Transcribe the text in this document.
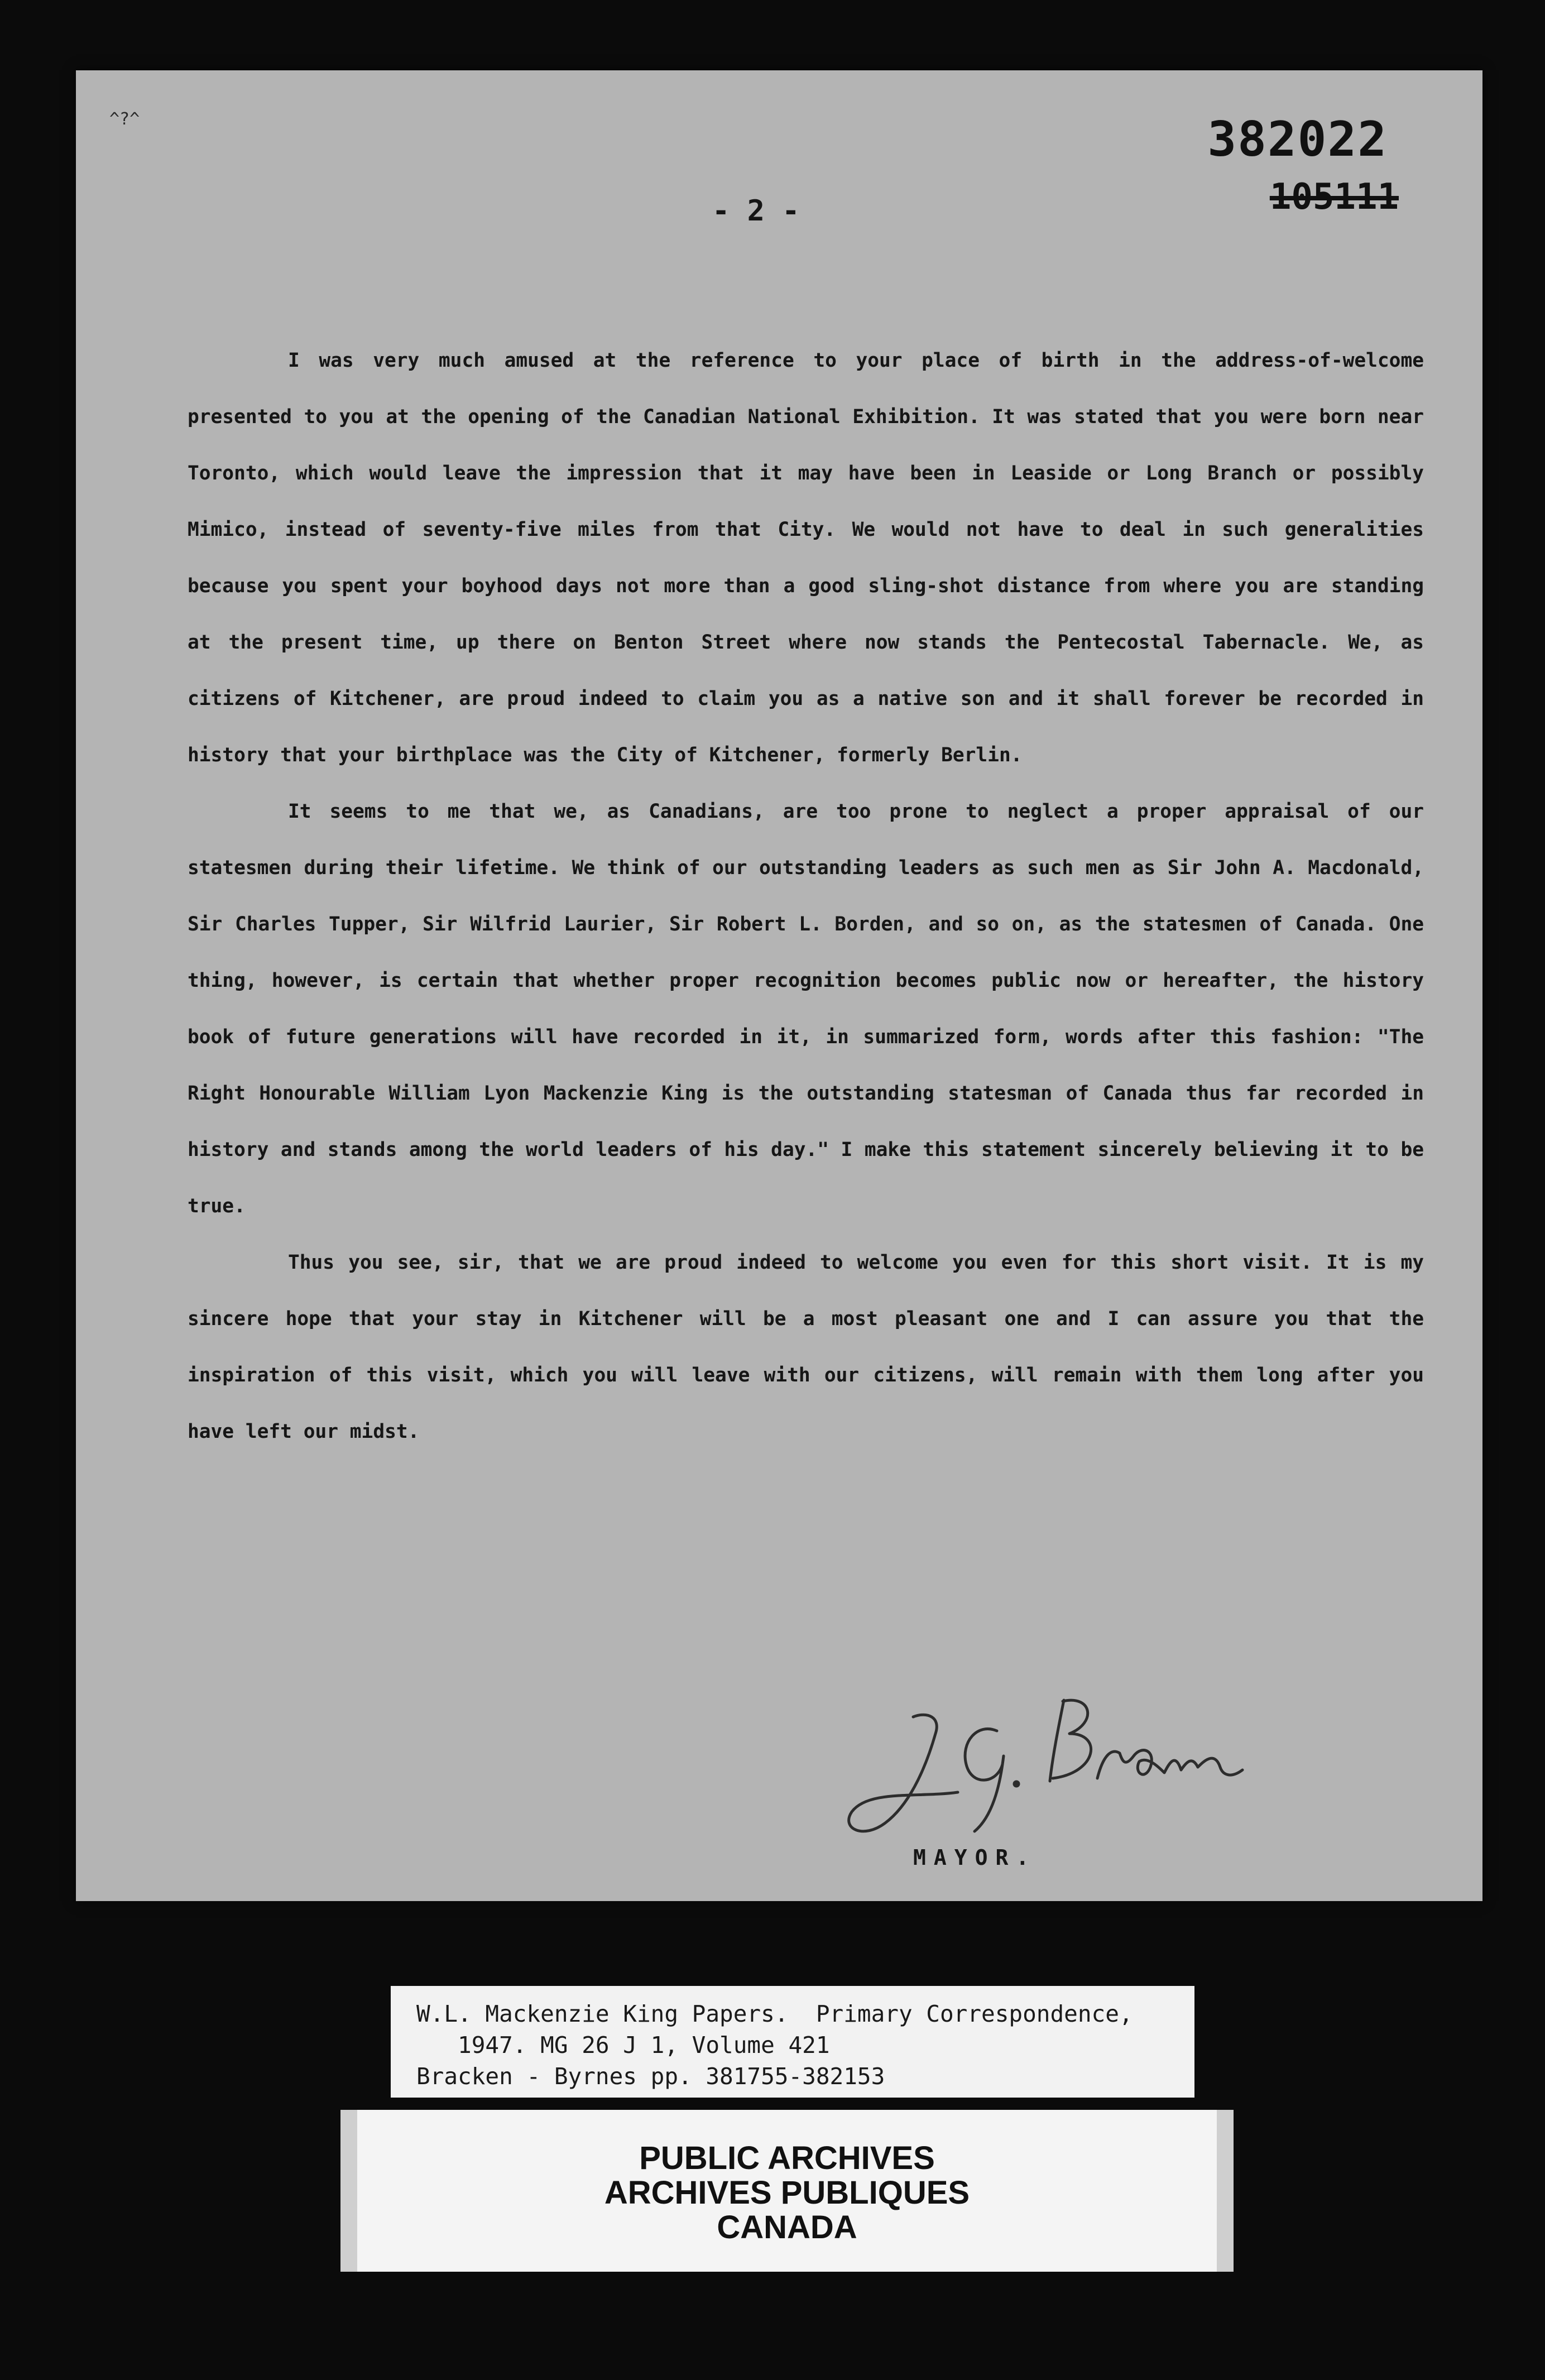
^?^	382022
105111
- 2 -

I was very much amused at the reference to your place of birth in the address-of-welcome presented to you at the opening of the Canadian National Exhibition. It was stated that you were born near Toronto, which would leave the impression that it may have been in Leaside or Long Branch or possibly Mimico, instead of seventy-five miles from that City. We would not have to deal in such generalities because you spent your boyhood days not more than a good sling-shot distance from where you are standing at the present time, up there on Benton Street where now stands the Pentecostal Tabernacle. We, as citizens of Kitchener, are proud indeed to claim you as a native son and it shall forever be recorded in history that your birthplace was the City of Kitchener, formerly Berlin.

It seems to me that we, as Canadians, are too prone to neglect a proper appraisal of our statesmen during their lifetime. We think of our outstanding leaders as such men as Sir John A. Macdonald, Sir Charles Tupper, Sir Wilfrid Laurier, Sir Robert L. Borden, and so on, as the statesmen of Canada. One thing, however, is certain that whether proper recognition becomes public now or hereafter, the history book of future generations will have recorded in it, in summarized form, words after this fashion: "The Right Honourable William Lyon Mackenzie King is the outstanding statesman of Canada thus far recorded in history and stands among the world leaders of his day." I make this statement sincerely believing it to be true.

Thus you see, sir, that we are proud indeed to welcome you even for this short visit. It is my sincere hope that your stay in Kitchener will be a most pleasant one and I can assure you that the inspiration of this visit, which you will leave with our citizens, will remain with them long after you have left our midst.

MAYOR.
W.L. Mackenzie King Papers.  Primary Correspondence,
1947. MG 26 J 1, Volume 421
Bracken - Byrnes pp. 381755-382153
PUBLIC ARCHIVES
ARCHIVES PUBLIQUES
CANADA
